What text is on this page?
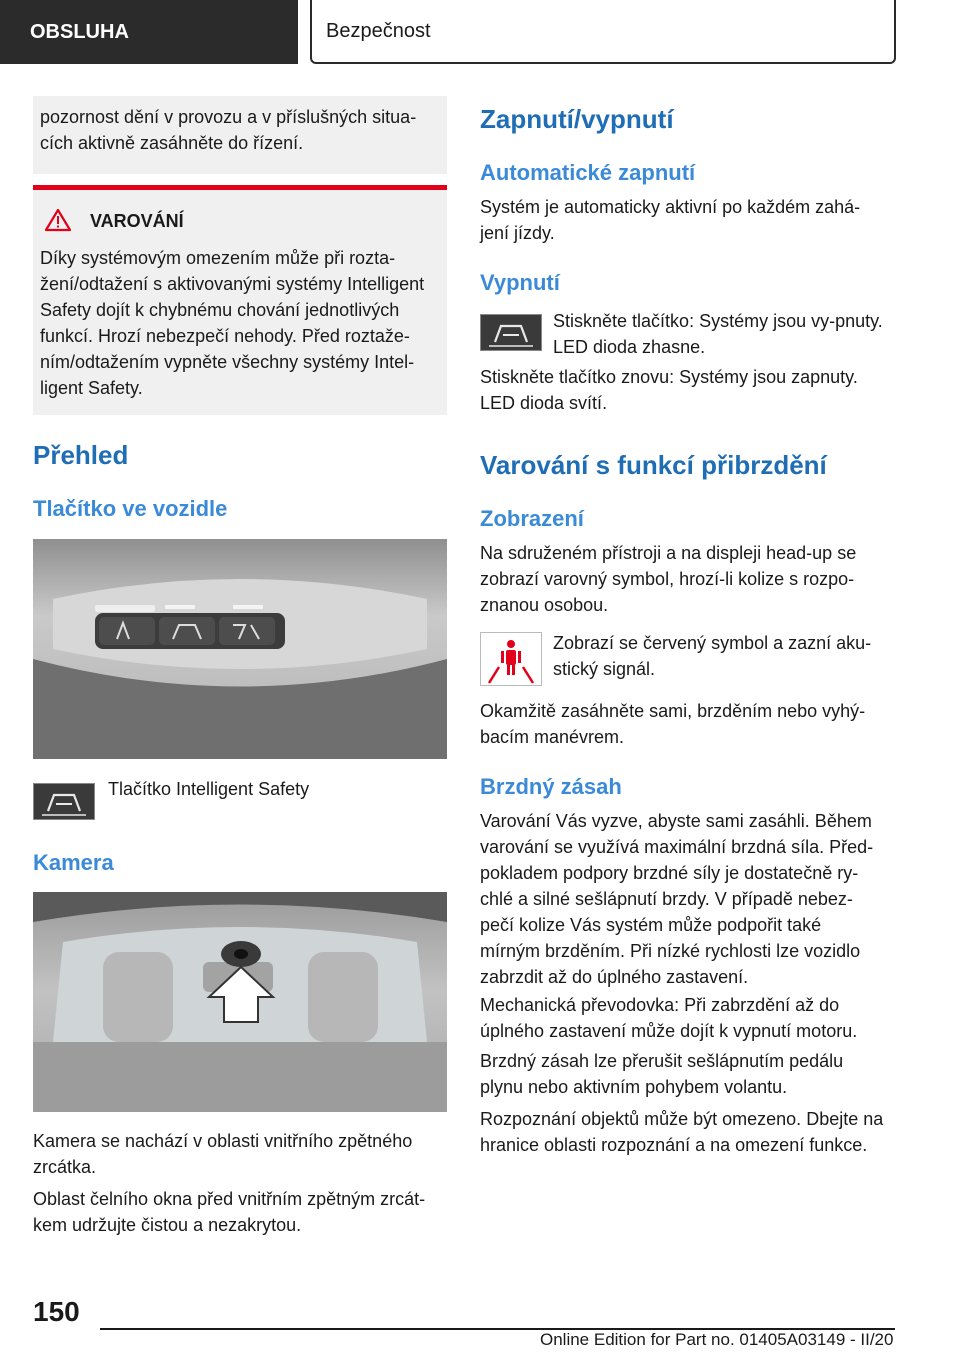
OBSLUHA	Bezpečnost

pozornost dění v provozu a v příslušných situa-cích aktivně zasáhněte do řízení.

VAROVÁNÍ

Díky systémovým omezením může při rozta-žení/odtažení s aktivovanými systémy Intelligent Safety dojít k chybnému chování jednotlivých funkcí. Hrozí nebezpečí nehody. Před roztaže-ním/odtažením vypněte všechny systémy Intel-ligent Safety.

Přehled
Tlačítko ve vozidle

Tlačítko Intelligent Safety

Kamera

Kamera se nachází v oblasti vnitřního zpětného zrcátka.

Oblast čelního okna před vnitřním zpětným zrcát-kem udržujte čistou a nezakrytou.

Zapnutí/vypnutí
Automatické zapnutí

Systém je automaticky aktivní po každém zahá-jení jízdy.

Vypnutí

Stiskněte tlačítko: Systémy jsou vy-pnuty. LED dioda zhasne.

Stiskněte tlačítko znovu: Systémy jsou zapnuty. LED dioda svítí.

Varování s funkcí přibrzdění
Zobrazení

Na sdruženém přístroji a na displeji head-up se zobrazí varovný symbol, hrozí-li kolize s rozpo-znanou osobou.

Zobrazí se červený symbol a zazní aku-stický signál.

Okamžitě zasáhněte sami, brzděním nebo vyhý-bacím manévrem.

Brzdný zásah

Varování Vás vyzve, abyste sami zasáhli. Během varování se využívá maximální brzdná síla. Před-pokladem podpory brzdné síly je dostatečně ry-chlé a silné sešlápnutí brzdy. V případě nebez-pečí kolize Vás systém může podpořit také mírným brzděním. Při nízké rychlosti lze vozidlo zabrzdit až do úplného zastavení.

Mechanická převodovka: Při zabrzdění až do úplného zastavení může dojít k vypnutí motoru.

Brzdný zásah lze přerušit sešlápnutím pedálu plynu nebo aktivním pohybem volantu.

Rozpoznání objektů může být omezeno. Dbejte na hranice oblasti rozpoznání a na omezení funkce.

150
Online Edition for Part no. 01405A03149 - II/20
